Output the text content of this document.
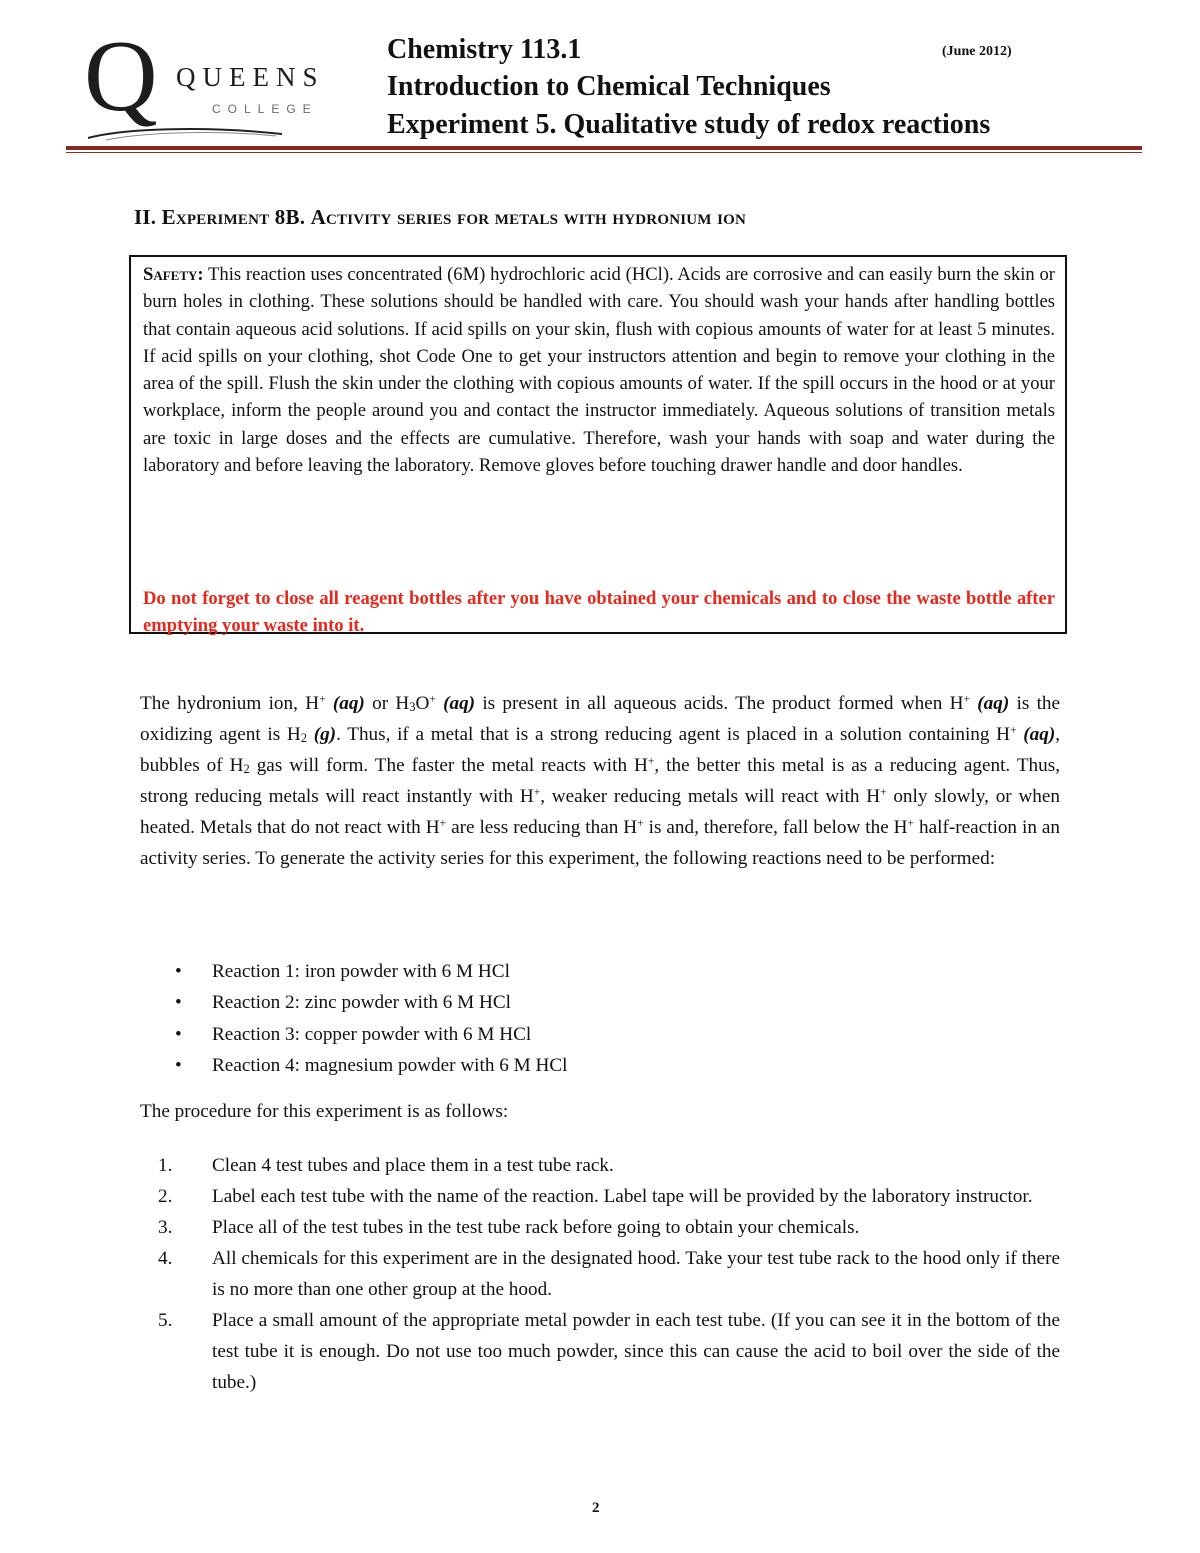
Q QUEENS
COLLEGE
Chemistry 113.1	(June 2012)
Introduction to Chemical Techniques
Experiment 5. Qualitative study of redox reactions
II. Experiment 8B. Activity series for metals with hydronium ion
Safety: This reaction uses concentrated (6M) hydrochloric acid (HCl). Acids are corrosive and can easily burn the skin or burn holes in clothing. These solutions should be handled with care. You should wash your hands after handling bottles that contain aqueous acid solutions. If acid spills on your skin, flush with copious amounts of water for at least 5 minutes. If acid spills on your clothing, shot Code One to get your instructors attention and begin to remove your clothing in the area of the spill. Flush the skin under the clothing with copious amounts of water. If the spill occurs in the hood or at your workplace, inform the people around you and contact the instructor immediately. Aqueous solutions of transition metals are toxic in large doses and the effects are cumulative. Therefore, wash your hands with soap and water during the laboratory and before leaving the laboratory. Remove gloves before touching drawer handle and door handles.
Do not forget to close all reagent bottles after you have obtained your chemicals and to close the waste bottle after emptying your waste into it.
The hydronium ion, H+ (aq) or $H_3O^+$ (aq) is present in all aqueous acids. The product formed when H+ (aq) is the oxidizing agent is $H_2$ (g). Thus, if a metal that is a strong reducing agent is placed in a solution containing H+ (aq), bubbles of $H_2$ gas will form. The faster the metal reacts with H+, the better this metal is as a reducing agent. Thus, strong reducing metals will react instantly with H+, weaker reducing metals will react with H+ only slowly, or when heated. Metals that do not react with H+ are less reducing than H+ is and, therefore, fall below the H+ half-reaction in an activity series. To generate the activity series for this experiment, the following reactions need to be performed:
• Reaction 1: iron powder with 6 M HCl
• Reaction 2: zinc powder with 6 M HCl
• Reaction 3: copper powder with 6 M HCl
• Reaction 4: magnesium powder with 6 M HCl
The procedure for this experiment is as follows:
1. Clean 4 test tubes and place them in a test tube rack.
2. Label each test tube with the name of the reaction. Label tape will be provided by the laboratory instructor.
3. Place all of the test tubes in the test tube rack before going to obtain your chemicals.
4. All chemicals for this experiment are in the designated hood. Take your test tube rack to the hood only if there is no more than one other group at the hood.
5. Place a small amount of the appropriate metal powder in each test tube. (If you can see it in the bottom of the test tube it is enough. Do not use too much powder, since this can cause the acid to boil over the side of the tube.)
2
